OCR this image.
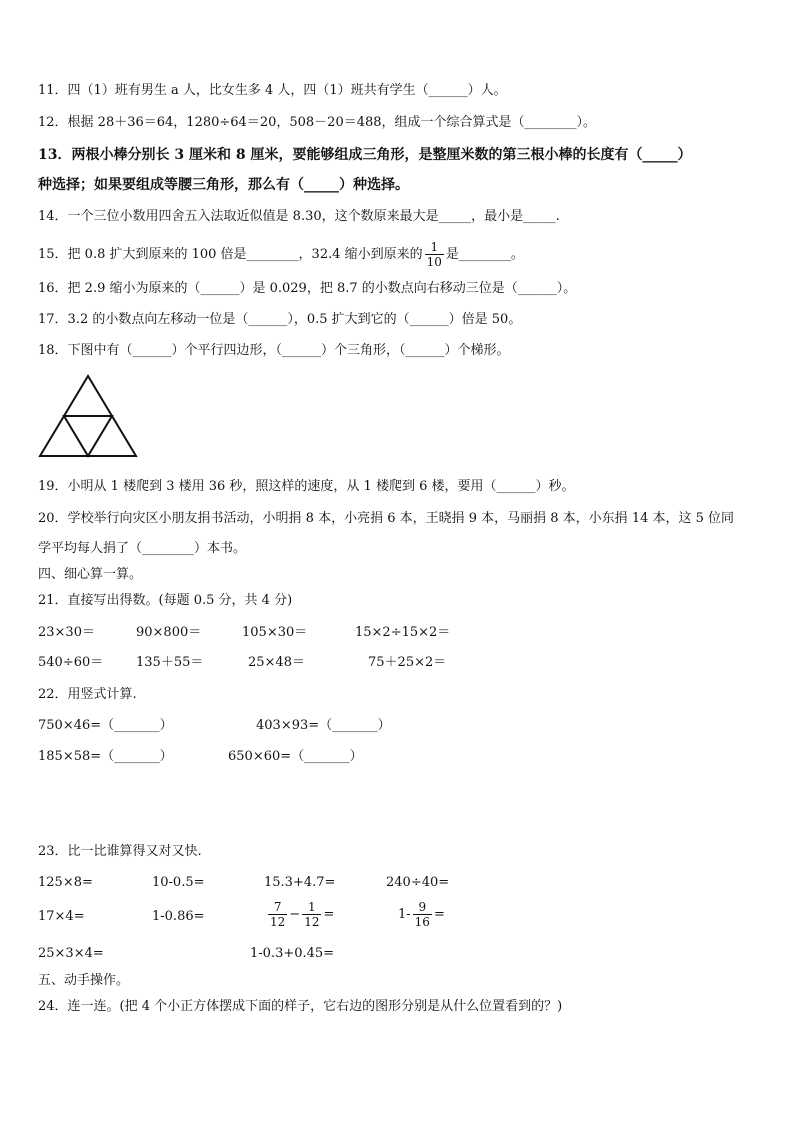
11．四（1）班有男生 a 人，比女生多 4 人，四（1）班共有学生（______）人。
12．根据 28＋36＝64，1280÷64＝20，508－20＝488，组成一个综合算式是（________）。
13．两根小棒分别长 3 厘米和 8 厘米，要能够组成三角形，是整厘米数的第三根小棒的长度有（_____）
种选择；如果要组成等腰三角形，那么有（_____）种选择。
14．一个三位小数用四舍五入法取近似值是 8.30，这个数原来最大是_____，最小是_____.
15．把 0.8 扩大到原来的 100 倍是________，32.4 缩小到原来的 $\frac{1}{10}$ 是________。
16．把 2.9 缩小为原来的（______）是 0.029，把 8.7 的小数点向右移动三位是（______）。
17．3.2 的小数点向左移动一位是（______），0.5 扩大到它的（______）倍是 50。
18．下图中有（______）个平行四边形，（______）个三角形，（______）个梯形。
19．小明从 1 楼爬到 3 楼用 36 秒，照这样的速度，从 1 楼爬到 6 楼，要用（______）秒。
20．学校举行向灾区小朋友捐书活动，小明捐 8 本，小亮捐 6 本，王晓捐 9 本，马丽捐 8 本，小东捐 14 本，这 5 位同
学平均每人捐了（________）本书。
四、细心算一算。
21．直接写出得数。(每题 0.5 分，共 4 分)
23×30＝	90×800＝	105×30＝	15×2÷15×2＝
540÷60＝	135＋55＝	25×48＝	75＋25×2＝
22．用竖式计算.
750×46=（_______）	403×93=（_______）
185×58=（_______）	650×60=（_______）
23．比一比谁算得又对又快.
125×8=	10-0.5=	15.3+4.7=	240÷40=
17×4=	1-0.86=	$\frac{7}{12} - \frac{1}{12}$ =	$1- \frac{9}{16}$ =
25×3×4=	1-0.3+0.45=
五、动手操作。
24．连一连。(把 4 个小正方体摆成下面的样子，它右边的图形分别是从什么位置看到的？)
